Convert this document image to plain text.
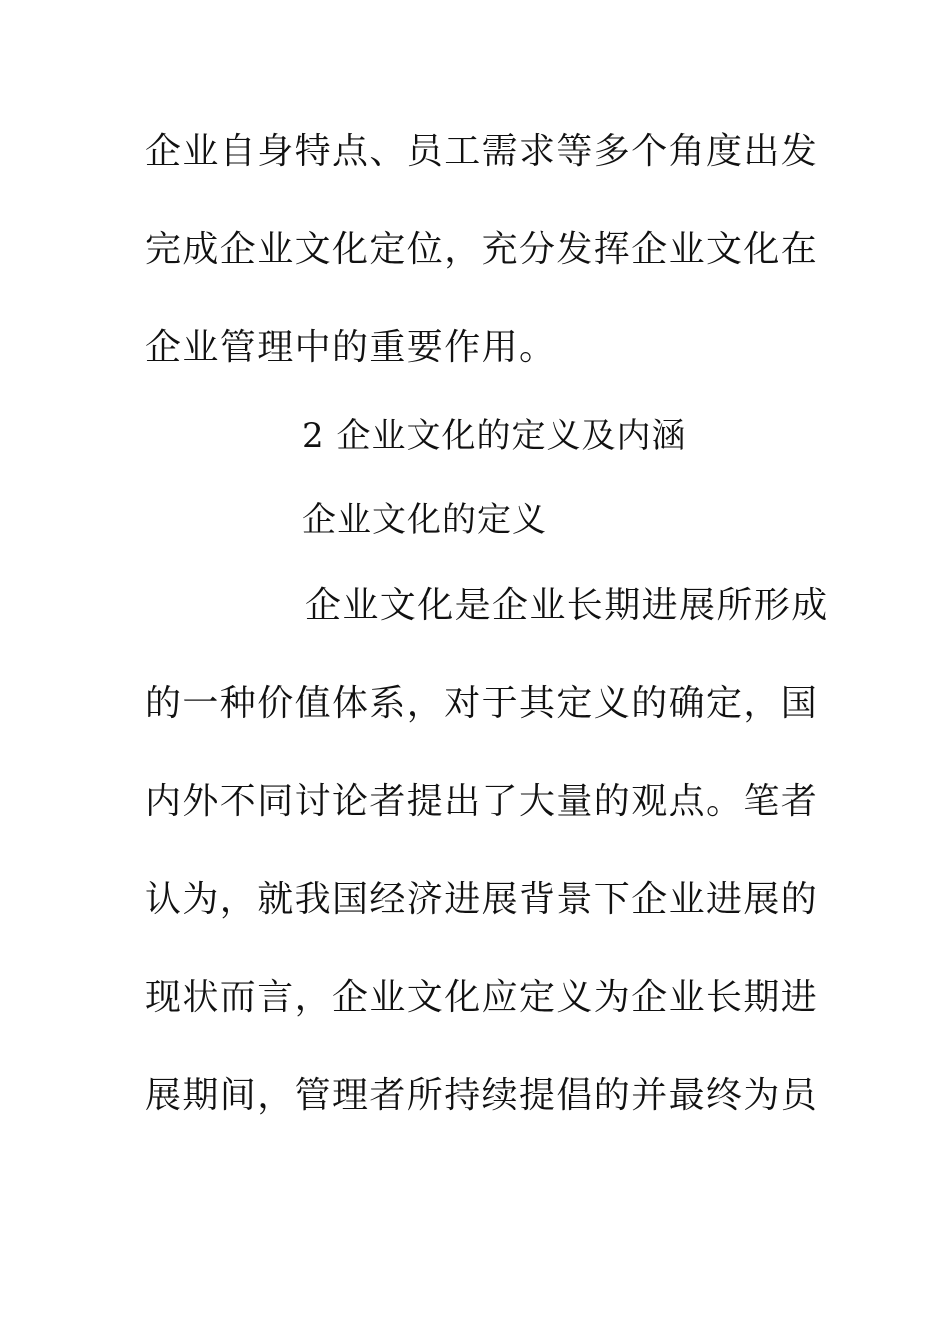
企业自身特点、员工需求等多个角度出发
完成企业文化定位，充分发挥企业文化在
企业管理中的重要作用。
2 企业文化的定义及内涵
企业文化的定义
企业文化是企业长期进展所形成
的一种价值体系，对于其定义的确定，国
内外不同讨论者提出了大量的观点。笔者
认为，就我国经济进展背景下企业进展的
现状而言，企业文化应定义为企业长期进
展期间，管理者所持续提倡的并最终为员
